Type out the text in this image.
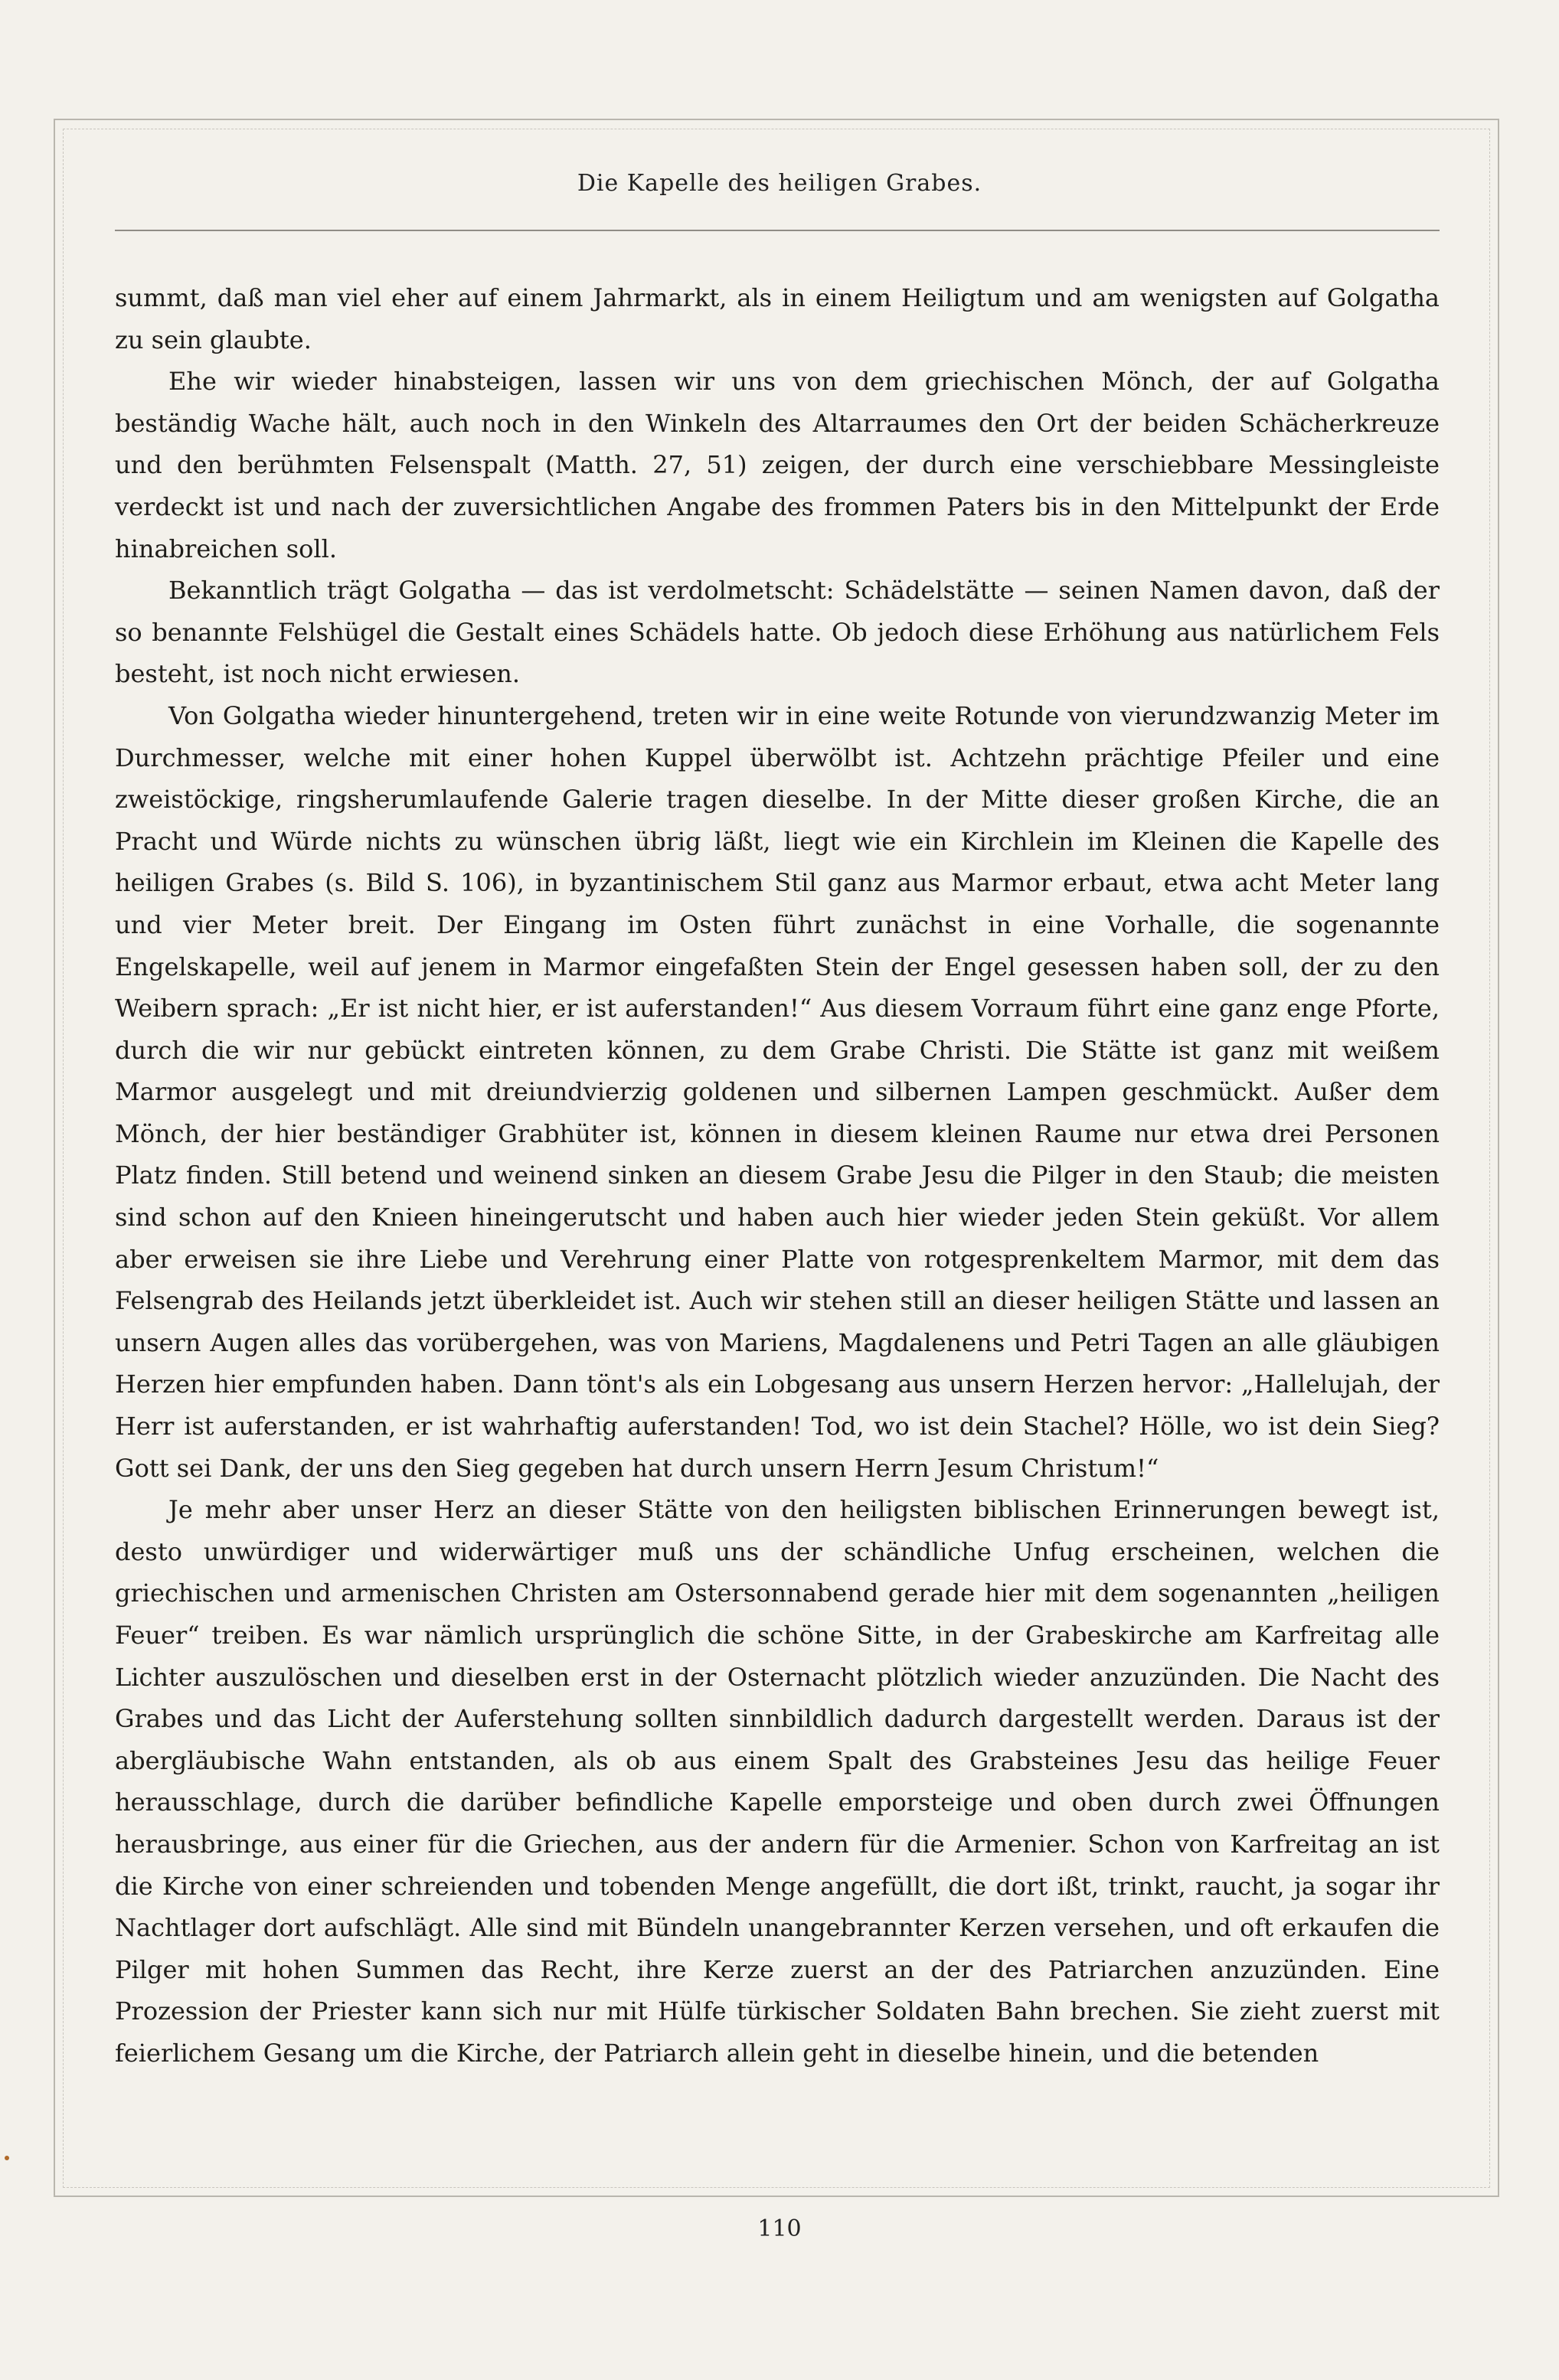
Die Kapelle des heiligen Grabes.

summt, daß man viel eher auf einem Jahrmarkt, als in einem Heiligtum und am wenigsten auf Golgatha zu sein glaubte.

Ehe wir wieder hinabsteigen, lassen wir uns von dem griechischen Mönch, der auf Golgatha beständig Wache hält, auch noch in den Winkeln des Altarraumes den Ort der beiden Schächerkreuze und den berühmten Felsenspalt (Matth. 27, 51) zeigen, der durch eine verschiebbare Messingleiste verdeckt ist und nach der zuversichtlichen Angabe des frommen Paters bis in den Mittelpunkt der Erde hinabreichen soll.

Bekanntlich trägt Golgatha — das ist verdolmetscht: Schädelstätte — seinen Namen davon, daß der so benannte Felshügel die Gestalt eines Schädels hatte. Ob jedoch diese Erhöhung aus natürlichem Fels besteht, ist noch nicht erwiesen.

Von Golgatha wieder hinuntergehend, treten wir in eine weite Rotunde von vierundzwanzig Meter im Durchmesser, welche mit einer hohen Kuppel überwölbt ist. Achtzehn prächtige Pfeiler und eine zweistöckige, ringsherumlaufende Galerie tragen dieselbe. In der Mitte dieser großen Kirche, die an Pracht und Würde nichts zu wünschen übrig läßt, liegt wie ein Kirchlein im Kleinen die Kapelle des heiligen Grabes (s. Bild S. 106), in byzantinischem Stil ganz aus Marmor erbaut, etwa acht Meter lang und vier Meter breit. Der Eingang im Osten führt zunächst in eine Vorhalle, die sogenannte Engelskapelle, weil auf jenem in Marmor eingefaßten Stein der Engel gesessen haben soll, der zu den Weibern sprach: „Er ist nicht hier, er ist auferstanden!“ Aus diesem Vorraum führt eine ganz enge Pforte, durch die wir nur gebückt eintreten können, zu dem Grabe Christi. Die Stätte ist ganz mit weißem Marmor ausgelegt und mit dreiundvierzig goldenen und silbernen Lampen geschmückt. Außer dem Mönch, der hier beständiger Grabhüter ist, können in diesem kleinen Raume nur etwa drei Personen Platz finden. Still betend und weinend sinken an diesem Grabe Jesu die Pilger in den Staub; die meisten sind schon auf den Knieen hineingerutscht und haben auch hier wieder jeden Stein geküßt. Vor allem aber erweisen sie ihre Liebe und Verehrung einer Platte von rotgesprenkeltem Marmor, mit dem das Felsengrab des Heilands jetzt überkleidet ist. Auch wir stehen still an dieser heiligen Stätte und lassen an unsern Augen alles das vorübergehen, was von Mariens, Magdalenens und Petri Tagen an alle gläubigen Herzen hier empfunden haben. Dann tönt's als ein Lobgesang aus unsern Herzen hervor: „Hallelujah, der Herr ist auferstanden, er ist wahrhaftig auferstanden! Tod, wo ist dein Stachel? Hölle, wo ist dein Sieg? Gott sei Dank, der uns den Sieg gegeben hat durch unsern Herrn Jesum Christum!“

Je mehr aber unser Herz an dieser Stätte von den heiligsten biblischen Erinnerungen bewegt ist, desto unwürdiger und widerwärtiger muß uns der schändliche Unfug erscheinen, welchen die griechischen und armenischen Christen am Ostersonnabend gerade hier mit dem sogenannten „heiligen Feuer“ treiben. Es war nämlich ursprünglich die schöne Sitte, in der Grabeskirche am Karfreitag alle Lichter auszulöschen und dieselben erst in der Osternacht plötzlich wieder anzuzünden. Die Nacht des Grabes und das Licht der Auferstehung sollten sinnbildlich dadurch dargestellt werden. Daraus ist der abergläubische Wahn entstanden, als ob aus einem Spalt des Grabsteines Jesu das heilige Feuer herausschlage, durch die darüber befindliche Kapelle emporsteige und oben durch zwei Öffnungen herausbringe, aus einer für die Griechen, aus der andern für die Armenier. Schon von Karfreitag an ist die Kirche von einer schreienden und tobenden Menge angefüllt, die dort ißt, trinkt, raucht, ja sogar ihr Nachtlager dort aufschlägt. Alle sind mit Bündeln unangebrannter Kerzen versehen, und oft erkaufen die Pilger mit hohen Summen das Recht, ihre Kerze zuerst an der des Patriarchen anzuzünden. Eine Prozession der Priester kann sich nur mit Hülfe türkischer Soldaten Bahn brechen. Sie zieht zuerst mit feierlichem Gesang um die Kirche, der Patriarch allein geht in dieselbe hinein, und die betenden

110
